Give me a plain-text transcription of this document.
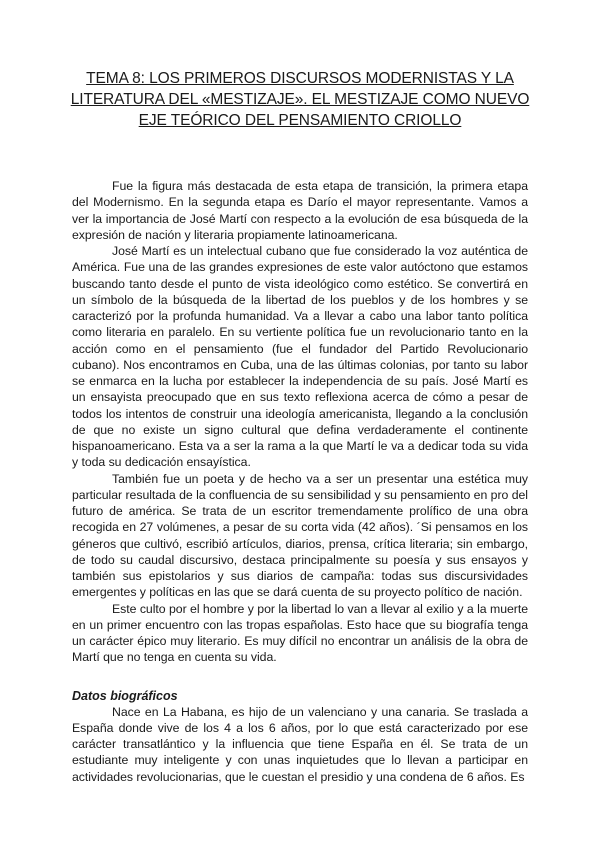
TEMA 8: LOS PRIMEROS DISCURSOS MODERNISTAS Y LA LITERATURA DEL «MESTIZAJE». EL MESTIZAJE COMO NUEVO EJE TEÓRICO DEL PENSAMIENTO CRIOLLO

Fue la figura más destacada de esta etapa de transición, la primera etapa del Modernismo. En la segunda etapa es Darío el mayor representante. Vamos a ver la importancia de José Martí con respecto a la evolución de esa búsqueda de la expresión de nación y literaria propiamente latinoamericana.

José Martí es un intelectual cubano que fue considerado la voz auténtica de América. Fue una de las grandes expresiones de este valor autóctono que estamos buscando tanto desde el punto de vista ideológico como estético. Se convertirá en un símbolo de la búsqueda de la libertad de los pueblos y de los hombres y se caracterizó por la profunda humanidad. Va a llevar a cabo una labor tanto política como literaria en paralelo. En su vertiente política fue un revolucionario tanto en la acción como en el pensamiento (fue el fundador del Partido Revolucionario cubano). Nos encontramos en Cuba, una de las últimas colonias, por tanto su labor se enmarca en la lucha por establecer la independencia de su país. José Martí es un ensayista preocupado que en sus texto reflexiona acerca de cómo a pesar de todos los intentos de construir una ideología americanista, llegando a la conclusión de que no existe un signo cultural que defina verdaderamente el continente hispanoamericano. Esta va a ser la rama a la que Martí le va a dedicar toda su vida y toda su dedicación ensayística.

También fue un poeta y de hecho va a ser un presentar una estética muy particular resultada de la confluencia de su sensibilidad y su pensamiento en pro del futuro de américa. Se trata de un escritor tremendamente prolífico de una obra recogida en 27 volúmenes, a pesar de su corta vida (42 años). ´Si pensamos en los géneros que cultivó, escribió artículos, diarios, prensa, crítica literaria; sin embargo, de todo su caudal discursivo, destaca principalmente su poesía y sus ensayos y también sus epistolarios y sus diarios de campaña: todas sus discursividades emergentes y políticas en las que se dará cuenta de su proyecto político de nación.

Este culto por el hombre y por la libertad lo van a llevar al exilio y a la muerte en un primer encuentro con las tropas españolas. Esto hace que su biografía tenga un carácter épico muy literario. Es muy difícil no encontrar un análisis de la obra de Martí que no tenga en cuenta su vida.

Datos biográficos

Nace en La Habana, es hijo de un valenciano y una canaria. Se traslada a España donde vive de los 4 a los 6 años, por lo que está caracterizado por ese carácter transatlántico y la influencia que tiene España en él. Se trata de un estudiante muy inteligente y con unas inquietudes que lo llevan a participar en actividades revolucionarias, que le cuestan el presidio y una condena de 6 años. Es
